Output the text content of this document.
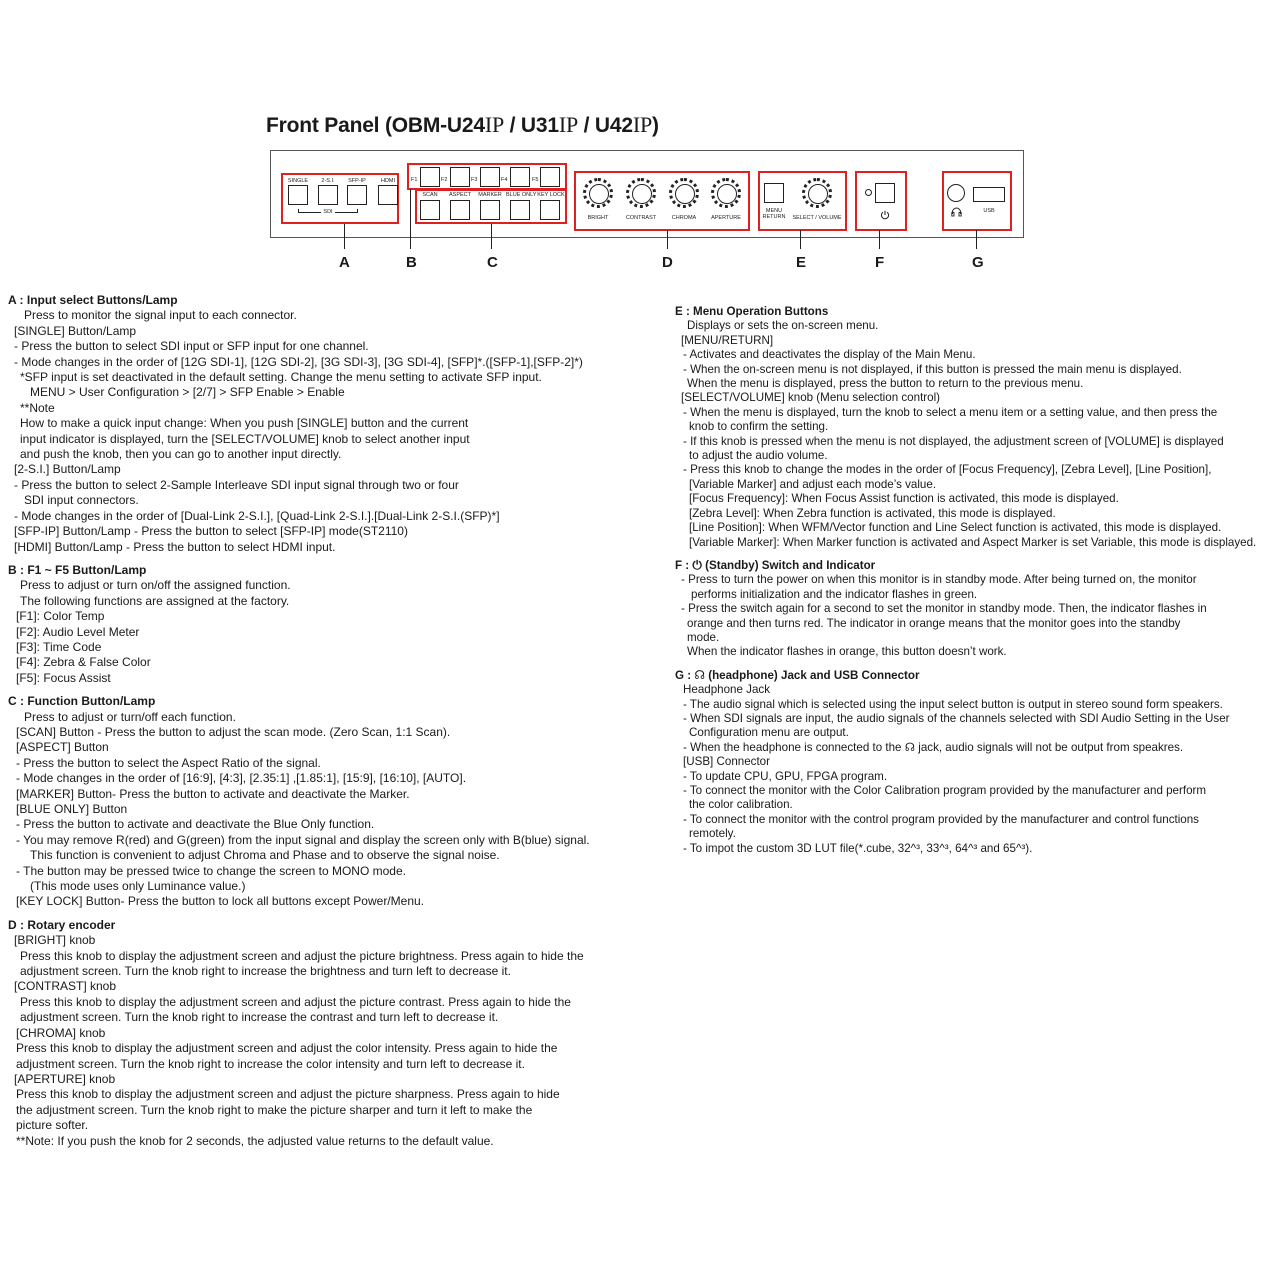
Front Panel (OBM-U24IP / U31IP / U42IP)
SINGLE	2-S.I.	SFP-IP	HDMI
SDI
F1	F2	F3	F4	F5
SCAN	ASPECT MARKER BLUE ONLY KEY LOCK
BRIGHT	CONTRAST	CHROMA	APERTURE
MENU
RETURN	SELECT / VOLUME
USB
A	B	C	D	E	F	G
A : Input select Buttons/Lamp
Press to monitor the signal input to each connector.
[SINGLE] Button/Lamp
- Press the button to select SDI input or SFP input for one channel.
- Mode changes in the order of [12G SDI-1], [12G SDI-2], [3G SDI-3], [3G SDI-4], [SFP]*.([SFP-1],[SFP-2]*)
*SFP input is set deactivated in the default setting. Change the menu setting to activate SFP input.
MENU > User Configuration > [2/7] > SFP Enable > Enable
**Note
How to make a quick input change: When you push [SINGLE] button and the current
input indicator is displayed, turn the [SELECT/VOLUME] knob to select another input
and push the knob, then you can go to another input directly.
[2-S.I.] Button/Lamp
- Press the button to select 2-Sample Interleave SDI input signal through two or four
SDI input connectors.
- Mode changes in the order of [Dual-Link 2-S.I.], [Quad-Link 2-S.I.].[Dual-Link 2-S.I.(SFP)*]
[SFP-IP] Button/Lamp - Press the button to select [SFP-IP] mode(ST2110)
[HDMI] Button/Lamp - Press the button to select HDMI input.
B : F1 ~ F5 Button/Lamp
Press to adjust or turn on/off the assigned function.
The following functions are assigned at the factory.
[F1]: Color Temp
[F2]: Audio Level Meter
[F3]: Time Code
[F4]: Zebra & False Color
[F5]: Focus Assist
C : Function Button/Lamp
Press to adjust or turn/off each function.
[SCAN] Button - Press the button to adjust the scan mode. (Zero Scan, 1:1 Scan).
[ASPECT] Button
- Press the button to select the Aspect Ratio of the signal.
- Mode changes in the order of [16:9], [4:3], [2.35:1] ,[1.85:1], [15:9], [16:10], [AUTO].
[MARKER] Button- Press the button to activate and deactivate the Marker.
[BLUE ONLY] Button
- Press the button to activate and deactivate the Blue Only function.
- You may remove R(red) and G(green) from the input signal and display the screen only with B(blue) signal.
This function is convenient to adjust Chroma and Phase and to observe the signal noise.
- The button may be pressed twice to change the screen to MONO mode.
(This mode uses only Luminance value.)
[KEY LOCK] Button- Press the button to lock all buttons except Power/Menu.
D : Rotary encoder
[BRIGHT] knob
Press this knob to display the adjustment screen and adjust the picture brightness. Press again to hide the
adjustment screen. Turn the knob right to increase the brightness and turn left to decrease it.
[CONTRAST] knob
Press this knob to display the adjustment screen and adjust the picture contrast. Press again to hide the
adjustment screen. Turn the knob right to increase the contrast and turn left to decrease it.
[CHROMA] knob
Press this knob to display the adjustment screen and adjust the color intensity. Press again to hide the
adjustment screen. Turn the knob right to increase the color intensity and turn left to decrease it.
[APERTURE] knob
Press this knob to display the adjustment screen and adjust the picture sharpness. Press again to hide
the adjustment screen. Turn the knob right to make the picture sharper and turn it left to make the
picture softer.
**Note: If you push the knob for 2 seconds, the adjusted value returns to the default value.
E : Menu Operation Buttons
Displays or sets the on-screen menu.
[MENU/RETURN]
- Activates and deactivates the display of the Main Menu.
- When the on-screen menu is not displayed, if this button is pressed the main menu is displayed.
When the menu is displayed, press the button to return to the previous menu.
[SELECT/VOLUME] knob (Menu selection control)
- When the menu is displayed, turn the knob to select a menu item or a setting value, and then press the
knob to confirm the setting.
- If this knob is pressed when the menu is not displayed, the adjustment screen of [VOLUME] is displayed
to adjust the audio volume.
- Press this knob to change the modes in the order of [Focus Frequency], [Zebra Level], [Line Position],
[Variable Marker] and adjust each mode’s value.
[Focus Frequency]: When Focus Assist function is activated, this mode is displayed.
[Zebra Level]: When Zebra function is activated, this mode is displayed.
[Line Position]: When WFM/Vector function and Line Select function is activated, this mode is displayed.
[Variable Marker]: When Marker function is activated and Aspect Marker is set Variable, this mode is displayed.
F : ⏻ (Standby) Switch and Indicator
- Press to turn the power on when this monitor is in standby mode. After being turned on, the monitor
performs initialization and the indicator flashes in green.
- Press the switch again for a second to set the monitor in standby mode. Then, the indicator flashes in
orange and then turns red. The indicator in orange means that the monitor goes into the standby
mode.
When the indicator flashes in orange, this button doesn’t work.
G : ☊ (headphone) Jack and USB Connector
Headphone Jack
- The audio signal which is selected using the input select button is output in stereo sound form speakers.
- When SDI signals are input, the audio signals of the channels selected with SDI Audio Setting in the User
Configuration menu are output.
- When the headphone is connected to the ☊ jack, audio signals will not be output from speakres.
[USB] Connector
- To update CPU, GPU, FPGA program.
- To connect the monitor with the Color Calibration program provided by the manufacturer and perform
the color calibration.
- To connect the monitor with the control program provided by the manufacturer and control functions
remotely.
- To impot the custom 3D LUT file(*.cube, 32^³, 33^³, 64^³ and 65^³).
